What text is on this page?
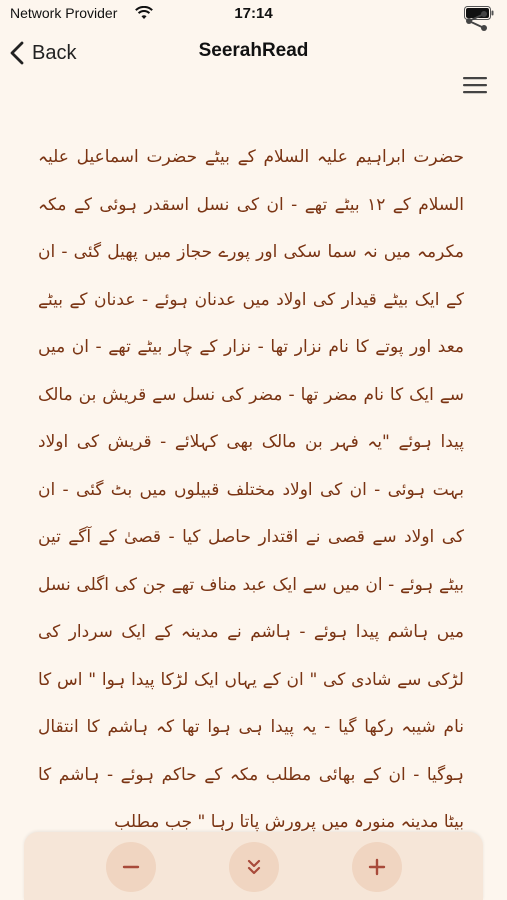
Network Provider	17:14
Back	SeerahRead

حضرت ابراہیم علیہ السلام کے بیٹے حضرت اسماعیل علیہ السلام کے ۱۲ بیٹے تھے - ان کی نسل اسقدر ہوئی کے مکہ مکرمہ میں نہ سما سکی اور پورے حجاز میں پھیل گئی - ان کے ایک بیٹے قیدار کی اولاد میں عدنان ہوئے - عدنان کے بیٹے معد اور پوتے کا نام نزار تھا - نزار کے چار بیٹے تھے - ان میں سے ایک کا نام مضر تھا - مضر کی نسل سے قریش بن مالک پیدا ہوئے "یہ فہر بن مالک بھی کہلائے - قریش کی اولاد بہت ہوئی - ان کی اولاد مختلف قبیلوں میں بٹ گئی - ان کی اولاد سے قصی نے اقتدار حاصل کیا - قصیٰ کے آگے تین بیٹے ہوئے - ان میں سے ایک عبد مناف تھے جن کی اگلی نسل میں ہاشم پیدا ہوئے - ہاشم نے مدینہ کے ایک سردار کی لڑکی سے شادی کی " ان کے یہاں ایک لڑکا پیدا ہوا " اس کا نام شیبہ رکھا گیا - یہ پیدا ہی ہوا تھا کہ ہاشم کا انتقال ہوگیا - ان کے بھائی مطلب مکہ کے حاکم ہوئے - ہاشم کا بیٹا مدینہ منورہ میں پرورش پاتا رہا " جب مطلب
